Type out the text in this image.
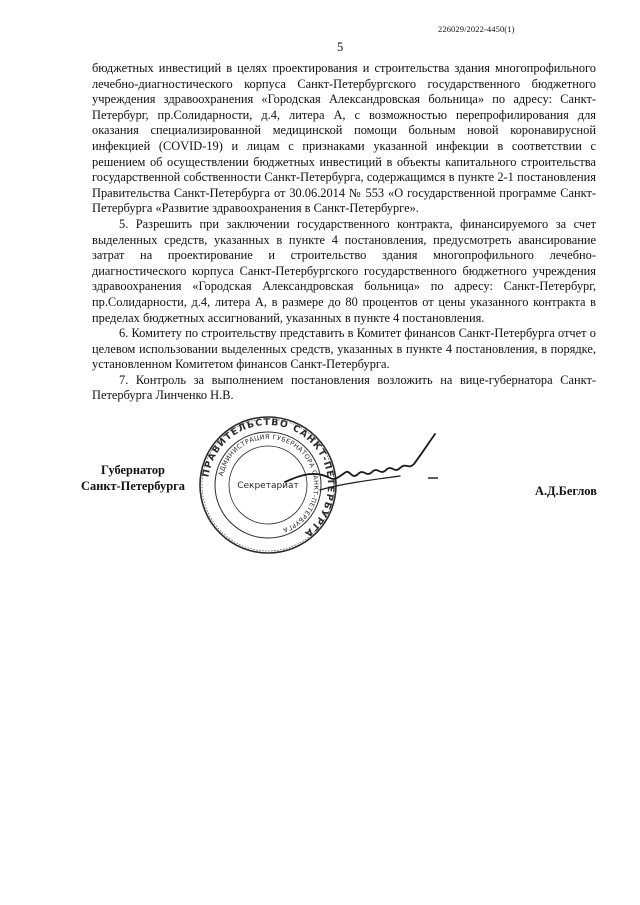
226029/2022-4450(1)
5

бюджетных инвестиций в целях проектирования и строительства здания многопрофильного лечебно-диагностического корпуса Санкт-Петербургского государственного бюджетного учреждения здравоохранения «Городская Александровская больница» по адресу: Санкт-Петербург, пр.Солидарности, д.4, литера А, с возможностью перепрофилирования для оказания специализированной медицинской помощи больным новой коронавирусной инфекцией (COVID-19) и лицам с признаками указанной инфекции в соответствии с решением об осуществлении бюджетных инвестиций в объекты капитального строительства государственной собственности Санкт-Петербурга, содержащимся в пункте 2-1 постановления Правительства Санкт-Петербурга от 30.06.2014 № 553 «О государственной программе Санкт-Петербурга «Развитие здравоохранения в Санкт-Петербурге».

5. Разрешить при заключении государственного контракта, финансируемого за счет выделенных средств, указанных в пункте 4 постановления, предусмотреть авансирование затрат на проектирование и строительство здания многопрофильного лечебно-диагностического корпуса Санкт-Петербургского государственного бюджетного учреждения здравоохранения «Городская Александровская больница» по адресу: Санкт-Петербург, пр.Солидарности, д.4, литера А, в размере до 80 процентов от цены указанного контракта в пределах бюджетных ассигнований, указанных в пункте 4 постановления.

6. Комитету по строительству представить в Комитет финансов Санкт-Петербурга отчет о целевом использовании выделенных средств, указанных в пункте 4 постановления, в порядке, установленном Комитетом финансов Санкт-Петербурга.

7. Контроль за выполнением постановления возложить на вице-губернатора Санкт-Петербурга Линченко Н.В.

Губернатор
Санкт-Петербурга
ПРАВИТЕЛЬСТВО САНКТ-ПЕТЕРБУРГА
АДМИНИСТРАЦИЯ ГУБЕРНАТОРА САНКТ-ПЕТЕРБУРГА
Секретариат	А.Д.Беглов
